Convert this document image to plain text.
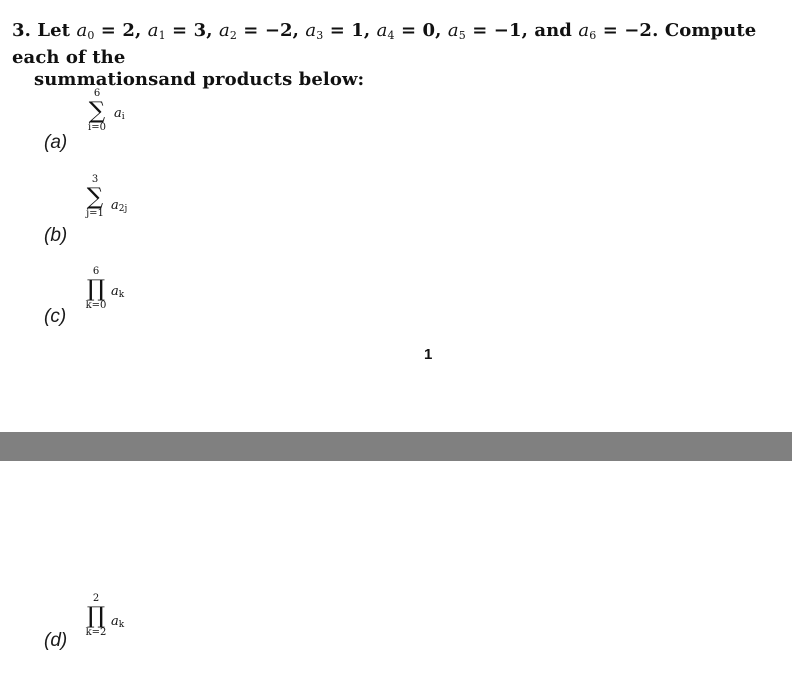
3. Let $a_0 = 2$, $a_1 = 3$, $a_2 = -2$, $a_3 = 1$, $a_4 = 0$, $a_5 = -1$, and $a_6 = -2$. Compute each of the
summationsand products below:
6
∑
i=0
$a_i$
(a)
3
∑
j=1
$a_{2j}$
(b)
6
∏
k=0
$a_k$
(c)
1
2
∏
k=2
$a_k$
(d)
